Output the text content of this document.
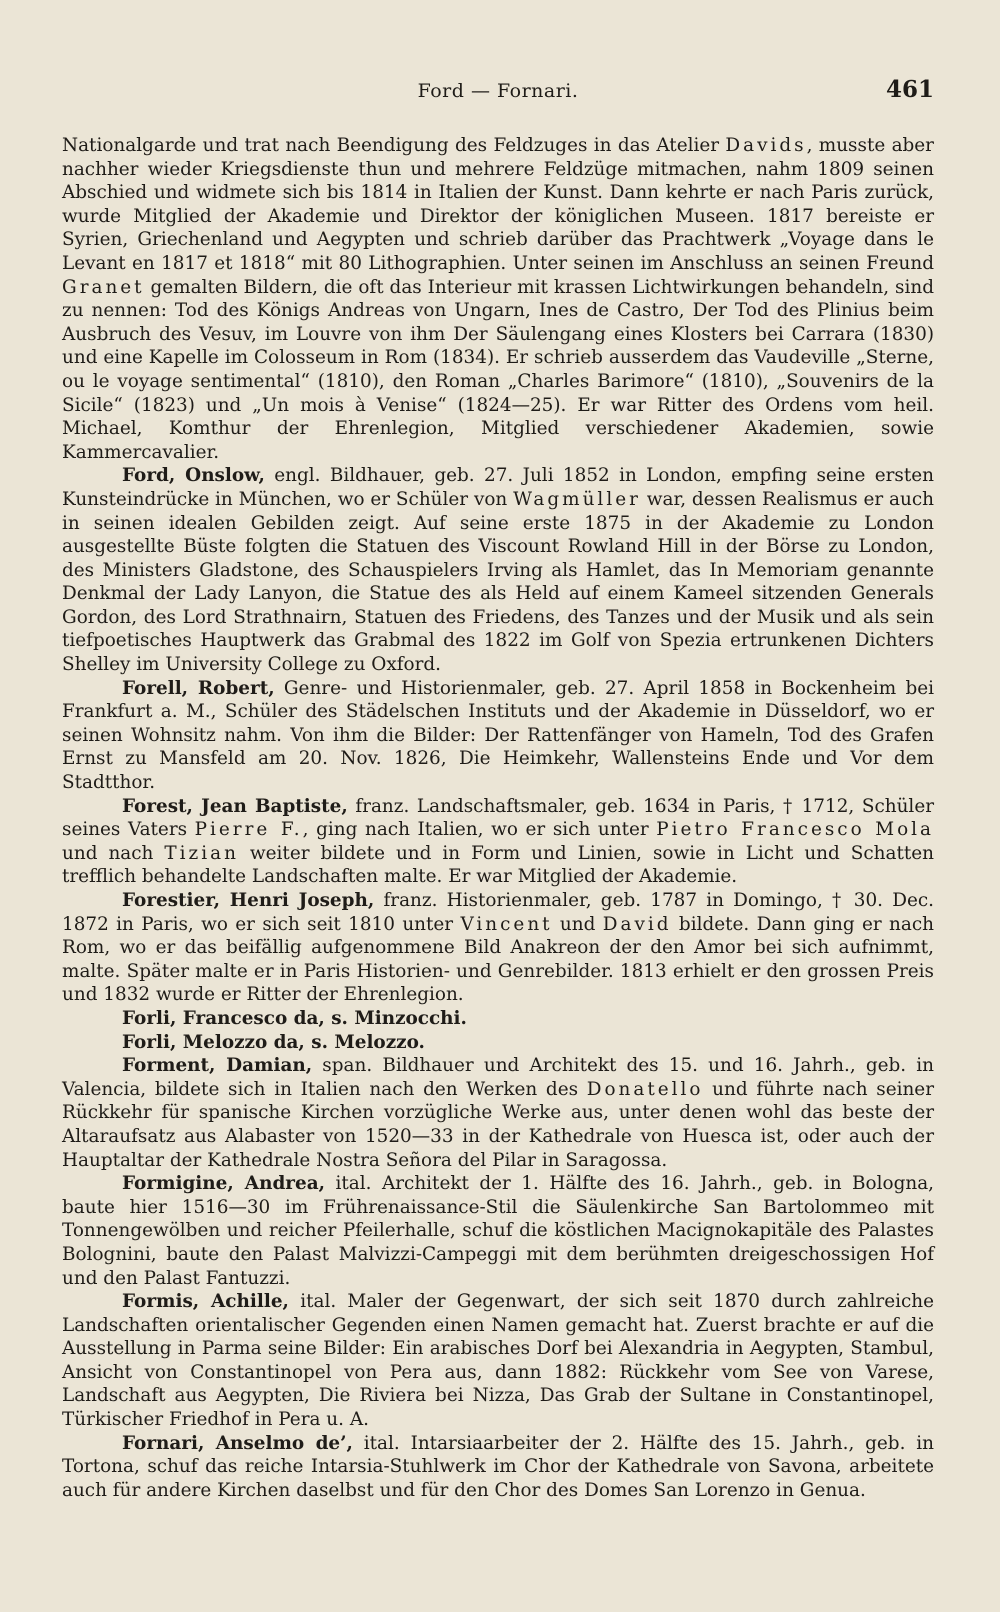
Ford — Fornari.	461

Nationalgarde und trat nach Beendigung des Feldzuges in das Atelier Davids, musste aber nachher wieder Kriegsdienste thun und mehrere Feldzüge mitmachen, nahm 1809 seinen Abschied und widmete sich bis 1814 in Italien der Kunst. Dann kehrte er nach Paris zurück, wurde Mitglied der Akademie und Direktor der königlichen Museen. 1817 bereiste er Syrien, Griechenland und Aegypten und schrieb darüber das Prachtwerk „Voyage dans le Levant en 1817 et 1818“ mit 80 Lithographien. Unter seinen im Anschluss an seinen Freund Granet gemalten Bildern, die oft das Interieur mit krassen Lichtwirkungen behandeln, sind zu nennen: Tod des Königs Andreas von Ungarn, Ines de Castro, Der Tod des Plinius beim Ausbruch des Vesuv, im Louvre von ihm Der Säulengang eines Klosters bei Carrara (1830) und eine Kapelle im Colosseum in Rom (1834). Er schrieb ausserdem das Vaudeville „Sterne, ou le voyage sentimental“ (1810), den Roman „Charles Barimore“ (1810), „Souvenirs de la Sicile“ (1823) und „Un mois à Venise“ (1824—25). Er war Ritter des Ordens vom heil. Michael, Komthur der Ehrenlegion, Mitglied verschiedener Akademien, sowie Kammercavalier.

Ford, Onslow, engl. Bildhauer, geb. 27. Juli 1852 in London, empfing seine ersten Kunsteindrücke in München, wo er Schüler von Wagmüller war, dessen Realismus er auch in seinen idealen Gebilden zeigt. Auf seine erste 1875 in der Akademie zu London ausgestellte Büste folgten die Statuen des Viscount Rowland Hill in der Börse zu London, des Ministers Gladstone, des Schauspielers Irving als Hamlet, das In Memoriam genannte Denkmal der Lady Lanyon, die Statue des als Held auf einem Kameel sitzenden Generals Gordon, des Lord Strathnairn, Statuen des Friedens, des Tanzes und der Musik und als sein tiefpoetisches Hauptwerk das Grabmal des 1822 im Golf von Spezia ertrunkenen Dichters Shelley im University College zu Oxford.

Forell, Robert, Genre- und Historienmaler, geb. 27. April 1858 in Bockenheim bei Frankfurt a. M., Schüler des Städelschen Instituts und der Akademie in Düsseldorf, wo er seinen Wohnsitz nahm. Von ihm die Bilder: Der Rattenfänger von Hameln, Tod des Grafen Ernst zu Mansfeld am 20. Nov. 1826, Die Heimkehr, Wallensteins Ende und Vor dem Stadtthor.

Forest, Jean Baptiste, franz. Landschaftsmaler, geb. 1634 in Paris, † 1712, Schüler seines Vaters Pierre F., ging nach Italien, wo er sich unter Pietro Francesco Mola und nach Tizian weiter bildete und in Form und Linien, sowie in Licht und Schatten trefflich behandelte Landschaften malte. Er war Mitglied der Akademie.

Forestier, Henri Joseph, franz. Historienmaler, geb. 1787 in Domingo, † 30. Dec. 1872 in Paris, wo er sich seit 1810 unter Vincent und David bildete. Dann ging er nach Rom, wo er das beifällig aufgenommene Bild Anakreon der den Amor bei sich aufnimmt, malte. Später malte er in Paris Historien- und Genrebilder. 1813 erhielt er den grossen Preis und 1832 wurde er Ritter der Ehrenlegion.

Forli, Francesco da, s. Minzocchi.

Forli, Melozzo da, s. Melozzo.

Forment, Damian, span. Bildhauer und Architekt des 15. und 16. Jahrh., geb. in Valencia, bildete sich in Italien nach den Werken des Donatello und führte nach seiner Rückkehr für spanische Kirchen vorzügliche Werke aus, unter denen wohl das beste der Altaraufsatz aus Alabaster von 1520—33 in der Kathedrale von Huesca ist, oder auch der Hauptaltar der Kathedrale Nostra Señora del Pilar in Saragossa.

Formigine, Andrea, ital. Architekt der 1. Hälfte des 16. Jahrh., geb. in Bologna, baute hier 1516—30 im Frührenaissance-Stil die Säulenkirche San Bartolommeo mit Tonnengewölben und reicher Pfeilerhalle, schuf die köstlichen Macignokapitäle des Palastes Bolognini, baute den Palast Malvizzi-Campeggi mit dem berühmten dreigeschossigen Hof und den Palast Fantuzzi.

Formis, Achille, ital. Maler der Gegenwart, der sich seit 1870 durch zahlreiche Landschaften orientalischer Gegenden einen Namen gemacht hat. Zuerst brachte er auf die Ausstellung in Parma seine Bilder: Ein arabisches Dorf bei Alexandria in Aegypten, Stambul, Ansicht von Constantinopel von Pera aus, dann 1882: Rückkehr vom See von Varese, Landschaft aus Aegypten, Die Riviera bei Nizza, Das Grab der Sultane in Constantinopel, Türkischer Friedhof in Pera u. A.

Fornari, Anselmo de’, ital. Intarsiaarbeiter der 2. Hälfte des 15. Jahrh., geb. in Tortona, schuf das reiche Intarsia-Stuhlwerk im Chor der Kathedrale von Savona, arbeitete auch für andere Kirchen daselbst und für den Chor des Domes San Lorenzo in Genua.
